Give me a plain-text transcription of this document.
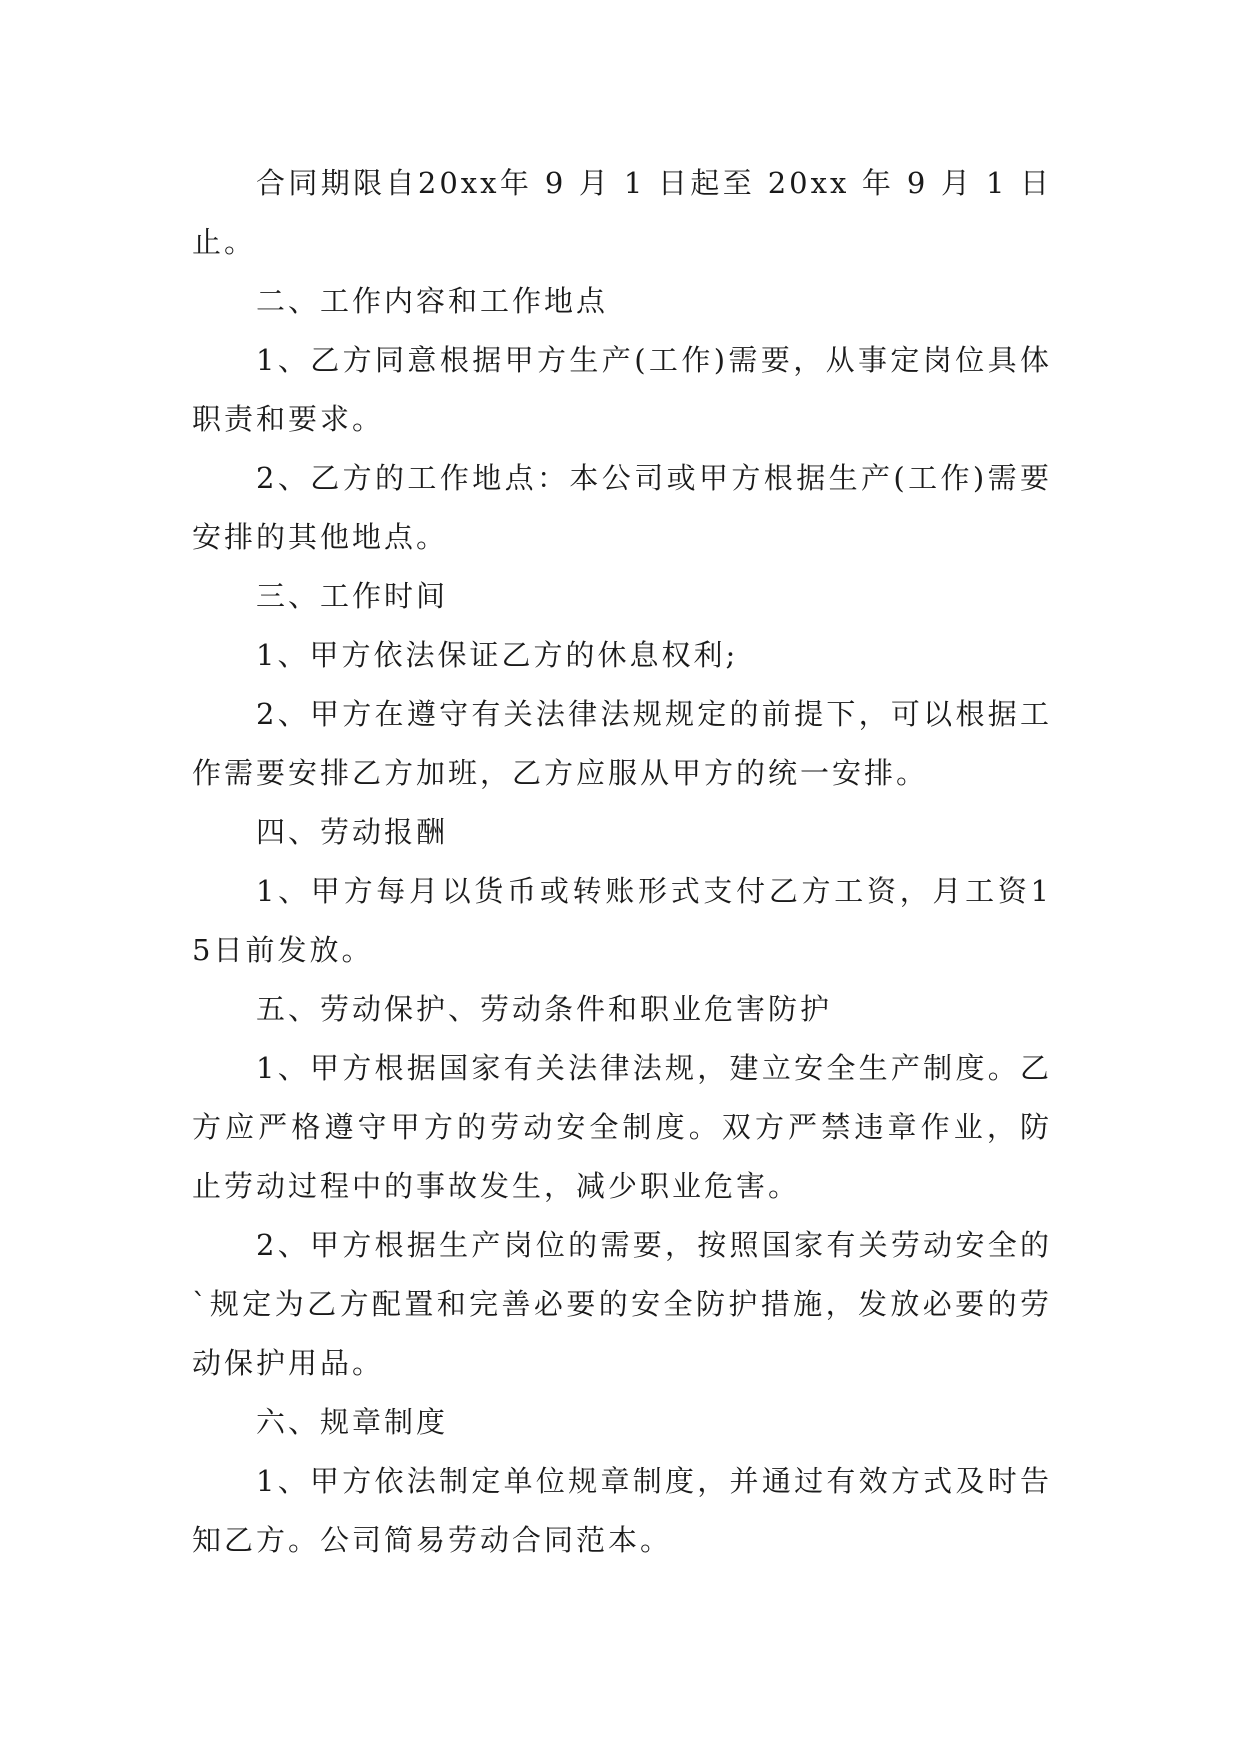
合同期限自20xx年 9 月 1 日起至 20xx 年 9 月 1 日止。

二、工作内容和工作地点

1、乙方同意根据甲方生产(工作)需要，从事定岗位具体职责和要求。

2、乙方的工作地点：本公司或甲方根据生产(工作)需要安排的其他地点。

三、工作时间

1、甲方依法保证乙方的休息权利;

2、甲方在遵守有关法律法规规定的前提下，可以根据工作需要安排乙方加班，乙方应服从甲方的统一安排。

四、劳动报酬

1、甲方每月以货币或转账形式支付乙方工资，月工资15日前发放。

五、劳动保护、劳动条件和职业危害防护

1、甲方根据国家有关法律法规，建立安全生产制度。乙方应严格遵守甲方的劳动安全制度。双方严禁违章作业，防止劳动过程中的事故发生，减少职业危害。

2、甲方根据生产岗位的需要，按照国家有关劳动安全的`规定为乙方配置和完善必要的安全防护措施，发放必要的劳动保护用品。

六、规章制度

1、甲方依法制定单位规章制度，并通过有效方式及时告知乙方。公司简易劳动合同范本。
